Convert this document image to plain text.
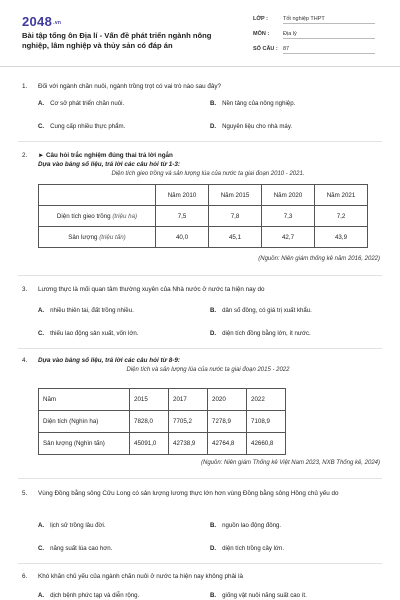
2048.vn
Bài tập tổng ôn Địa lí - Vấn đề phát triển ngành nông nghiệp, lâm nghiệp và thủy sản có đáp án
LỚP :	Tốt nghiệp THPT
MÔN :	Địa lý
SỐ CÂU : 87
1.	Đối với ngành chăn nuôi, ngành trồng trọt có vai trò nào sau đây?
A. Cơ sở phát triển chăn nuôi.	B. Nền tảng của nông nghiệp.
C. Cung cấp nhiều thực phẩm.	D. Nguyên liệu cho nhà máy.
2.	► Câu hỏi trắc nghiệm đúng thai trả lời ngắn
Dựa vào bảng số liệu, trả lời các câu hỏi từ 1-3:
Diện tích gieo trồng và sản lượng lúa của nước ta giai đoạn 2010 - 2021.
	Năm 2010	Năm 2015	Năm 2020	Năm 2021
Diện tích gieo trồng (triệu ha)	7,5	7,8	7,3	7,2
Sản lượng (triệu tấn)	40,0	45,1	42,7	43,9
(Nguồn: Niên giám thống kê năm 2016, 2022)
3.	Lương thực là mối quan tâm thường xuyên của Nhà nước ở nước ta hiện nay do
A. nhiều thiên tai, đất trồng nhiều.	B. dân số đông, có giá trị xuất khẩu.
C. thiếu lao động sản xuất, vốn lớn.	D. diện tích đồng bằng lớn, ít nước.
4.	Dựa vào bảng số liệu, trả lời các câu hỏi từ 8-9:
Diện tích và sản lượng lúa của nước ta giai đoạn 2015 - 2022
Năm	2015	2017	2020	2022
Diện tích (Nghìn ha)	7828,0	7705,2	7278,9	7108,9
Sản lượng (Nghìn tấn)	45091,0	42738,9	42764,8	42660,8
(Nguồn: Niên giám Thống kê Việt Nam 2023, NXB Thống kê, 2024)
5.	Vùng Đồng bằng sông Cửu Long có sản lượng lương thực lớn hơn vùng Đồng bằng sông Hồng chủ yếu do
A. lịch sử trồng lâu đời.	B. nguồn lao động đông.
C. năng suất lúa cao hơn.	D. diện tích trồng cây lớn.
6.	Khó khăn chủ yếu của ngành chăn nuôi ở nước ta hiện nay không phải là
A. dịch bệnh phức tạp và diễn rộng.	B. giống vật nuôi năng suất cao ít.
